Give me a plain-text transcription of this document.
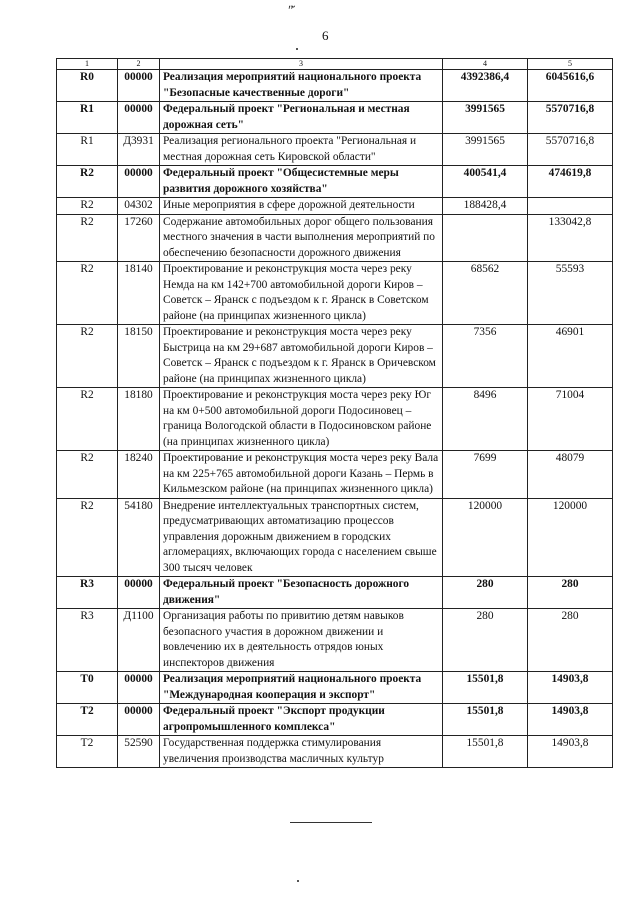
ʺ̆
6
1	2	3	4	5
R0	00000	Реализация мероприятий национального проекта "Безопасные качественные дороги"	4392386,4	6045616,6
R1	00000	Федеральный проект "Региональная и местная дорожная сеть"	3991565	5570716,8
R1	Д3931	Реализация регионального проекта "Региональная и местная дорожная сеть Кировской области"	3991565	5570716,8
R2	00000	Федеральный проект "Общесистемные меры развития дорожного хозяйства"	400541,4	474619,8
R2	04302	Иные мероприятия в сфере дорожной деятельности	188428,4	
R2	17260	Содержание автомобильных дорог общего пользования местного значения в части выполнения мероприятий по обеспечению безопасности дорожного движения		133042,8
R2	18140	Проектирование и реконструкция моста через реку Немда на км 142+700 автомобильной дороги Киров – Советск – Яранск с подъездом к г. Яранск в Советском районе (на принципах жизненного цикла)	68562	55593
R2	18150	Проектирование и реконструкция моста через реку Быстрица на км 29+687 автомобильной дороги Киров – Советск – Яранск с подъездом к г. Яранск в Оричевском районе (на принципах жизненного цикла)	7356	46901
R2	18180	Проектирование и реконструкция моста через реку Юг на км 0+500 автомобильной дороги Подосиновец – граница Вологодской области в Подосиновском районе (на принципах жизненного цикла)	8496	71004
R2	18240	Проектирование и реконструкция моста через реку Вала на км 225+765 автомобильной дороги Казань – Пермь в Кильмезском районе (на принципах жизненного цикла)	7699	48079
R2	54180	Внедрение интеллектуальных транспортных систем, предусматривающих автоматизацию процессов управления дорожным движением в городских агломерациях, включающих города с населением свыше 300 тысяч человек	120000	120000
R3	00000	Федеральный проект "Безопасность дорожного движения"	280	280
R3	Д1100	Организация работы по привитию детям навыков безопасного участия в дорожном движении и вовлечению их в деятельность отрядов юных инспекторов движения	280	280
T0	00000	Реализация мероприятий национального проекта "Международная кооперация и экспорт"	15501,8	14903,8
T2	00000	Федеральный проект "Экспорт продукции агропромышленного комплекса"	15501,8	14903,8
T2	52590	Государственная поддержка стимулирования увеличения производства масличных культур	15501,8	14903,8
